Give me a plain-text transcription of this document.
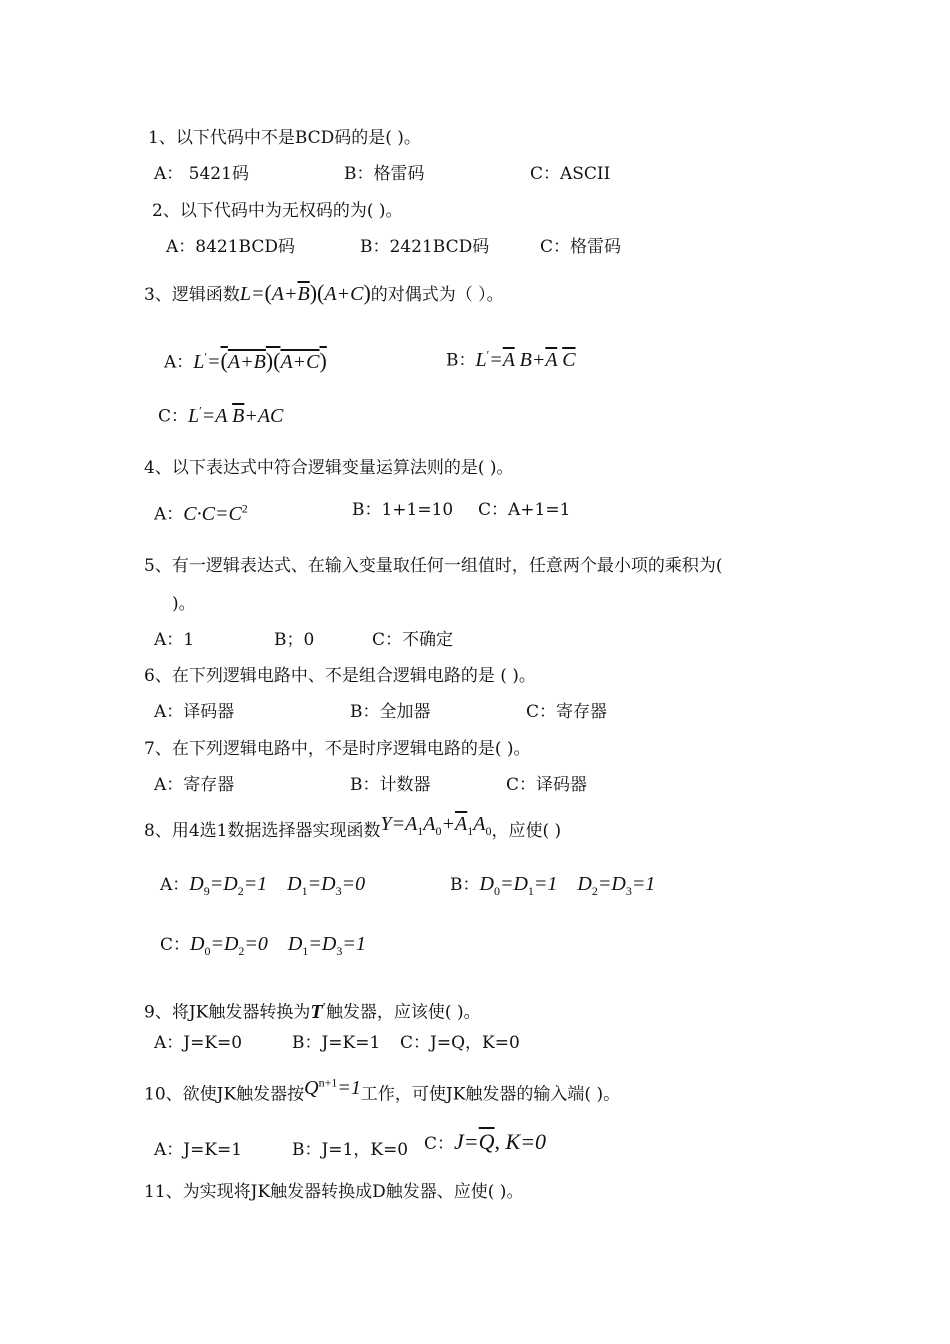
1、以下代码中不是BCD码的是( )。
A： 5421码	B：格雷码	C：ASCII
2、以下代码中为无权码的为( )。
A：8421BCD码	B：2421BCD码	C：格雷码
3、逻辑函数$L=(A+\overline{B})(A+C)$的对偶式为（ ）。
A：L′=(A+B)(A+C)	B：$L'=\overline{A}$ $B+\overline{A}$ $\overline{C}$
C：L′=A $\overline{B}+AC$
4、以下表达式中符合逻辑变量运算法则的是( )。
A：$C\cdot C=C^2$	B：1+1=10 C：A+1=1
5、有一逻辑表达式、在输入变量取任何一组值时，任意两个最小项的乘积为(
)。
A：1	B；0	C：不确定
6、在下列逻辑电路中、不是组合逻辑电路的是 ( )。
A：译码器	B：全加器	C：寄存器
7、在下列逻辑电路中，不是时序逻辑电路的是( )。
A：寄存器	B：计数器	C：译码器
8、用4选1数据选择器实现函数$Y=A_1A_0+\overline{A}_1A_0$，应使( )
A：$D_9=D_2=1$    $D_1=D_3=0$	B：$D_0=D_1=1$    $D_2=D_3=1$
C：$D_0=D_2=0$    $D_1=D_3=1$
9、将JK触发器转换为T′触发器，应该使( )。
A：J=K=0	B：J=K=1 C：J=Q，K=0
10、欲使JK触发器按$Q^{n+1}=1$工作，可使JK触发器的输入端( )。
A：J=K=1	B：J=1，K=0 C：$J=\overline{Q}$, K=0
11、为实现将JK触发器转换成D触发器、应使( )。
